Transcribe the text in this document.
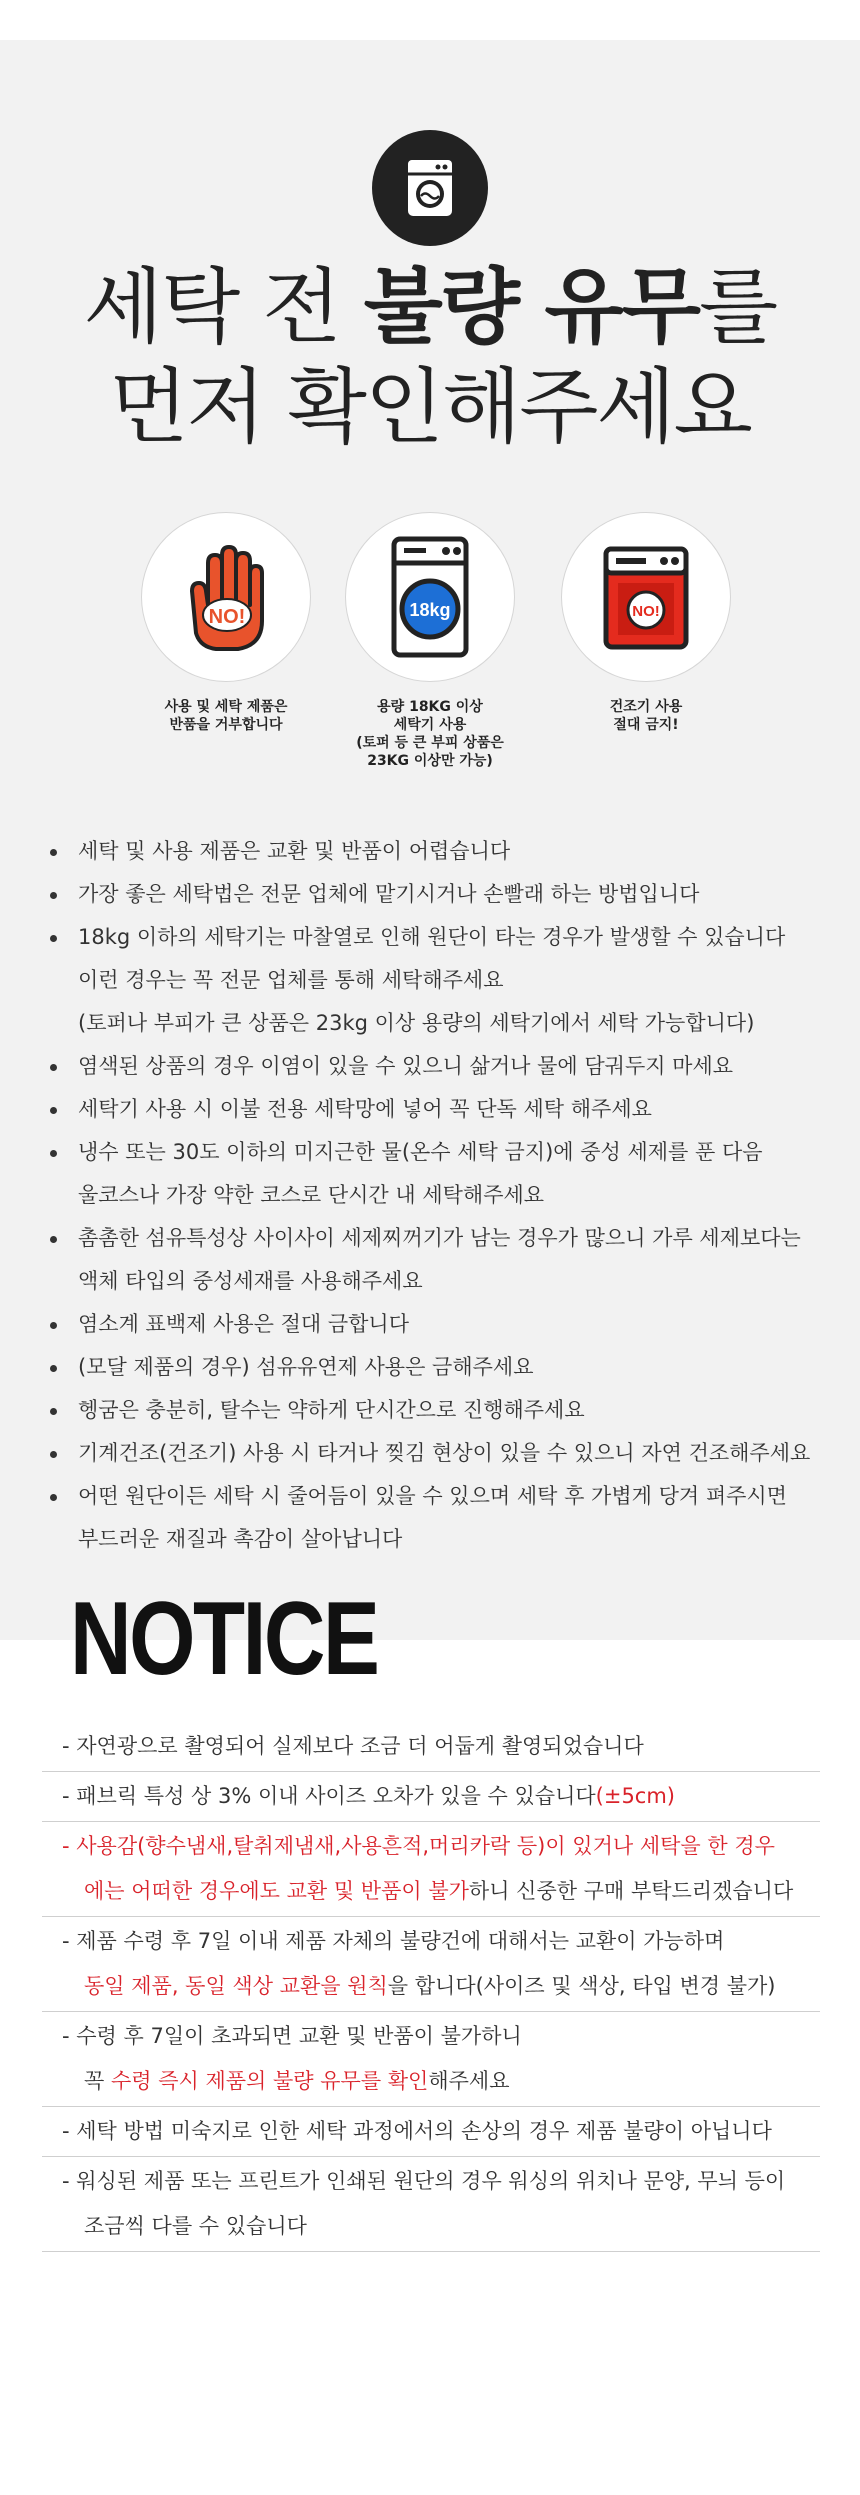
세탁 전 불량 유무를
먼저 확인해주세요
NO!
사용 및 세탁 제품은
반품을 거부합니다
18kg
용량 18KG 이상
세탁기 사용
(토퍼 등 큰 부피 상품은
23KG 이상만 가능)
NO!
건조기 사용
절대 금지!
세탁 및 사용 제품은 교환 및 반품이 어렵습니다
가장 좋은 세탁법은 전문 업체에 맡기시거나 손빨래 하는 방법입니다
18kg 이하의 세탁기는 마찰열로 인해 원단이 타는 경우가 발생할 수 있습니다
이런 경우는 꼭 전문 업체를 통해 세탁해주세요
(토퍼나 부피가 큰 상품은 23kg 이상 용량의 세탁기에서 세탁 가능합니다)
염색된 상품의 경우 이염이 있을 수 있으니 삶거나 물에 담궈두지 마세요
세탁기 사용 시 이불 전용 세탁망에 넣어 꼭 단독 세탁 해주세요
냉수 또는 30도 이하의 미지근한 물(온수 세탁 금지)에 중성 세제를 푼 다음
울코스나 가장 약한 코스로 단시간 내 세탁해주세요
촘촘한 섬유특성상 사이사이 세제찌꺼기가 남는 경우가 많으니 가루 세제보다는
액체 타입의 중성세재를 사용해주세요
염소계 표백제 사용은 절대 금합니다
(모달 제품의 경우) 섬유유연제 사용은 금해주세요
헹굼은 충분히, 탈수는 약하게 단시간으로 진행해주세요
기계건조(건조기) 사용 시 타거나 찢김 현상이 있을 수 있으니 자연 건조해주세요
어떤 원단이든 세탁 시 줄어듬이 있을 수 있으며 세탁 후 가볍게 당겨 펴주시면
부드러운 재질과 촉감이 살아납니다
NOTICE
- 자연광으로 촬영되어 실제보다 조금 더 어둡게 촬영되었습니다
- 패브릭 특성 상 3% 이내 사이즈 오차가 있을 수 있습니다(±5cm)
- 사용감(향수냄새,탈취제냄새,사용흔적,머리카락 등)이 있거나 세탁을 한 경우
에는 어떠한 경우에도 교환 및 반품이 불가하니 신중한 구매 부탁드리겠습니다
- 제품 수령 후 7일 이내 제품 자체의 불량건에 대해서는 교환이 가능하며
동일 제품, 동일 색상 교환을 원칙을 합니다(사이즈 및 색상, 타입 변경 불가)
- 수령 후 7일이 초과되면 교환 및 반품이 불가하니
꼭 수령 즉시 제품의 불량 유무를 확인해주세요
- 세탁 방법 미숙지로 인한 세탁 과정에서의 손상의 경우 제품 불량이 아닙니다
- 워싱된 제품 또는 프린트가 인쇄된 원단의 경우 워싱의 위치나 문양, 무늬 등이
조금씩 다를 수 있습니다
